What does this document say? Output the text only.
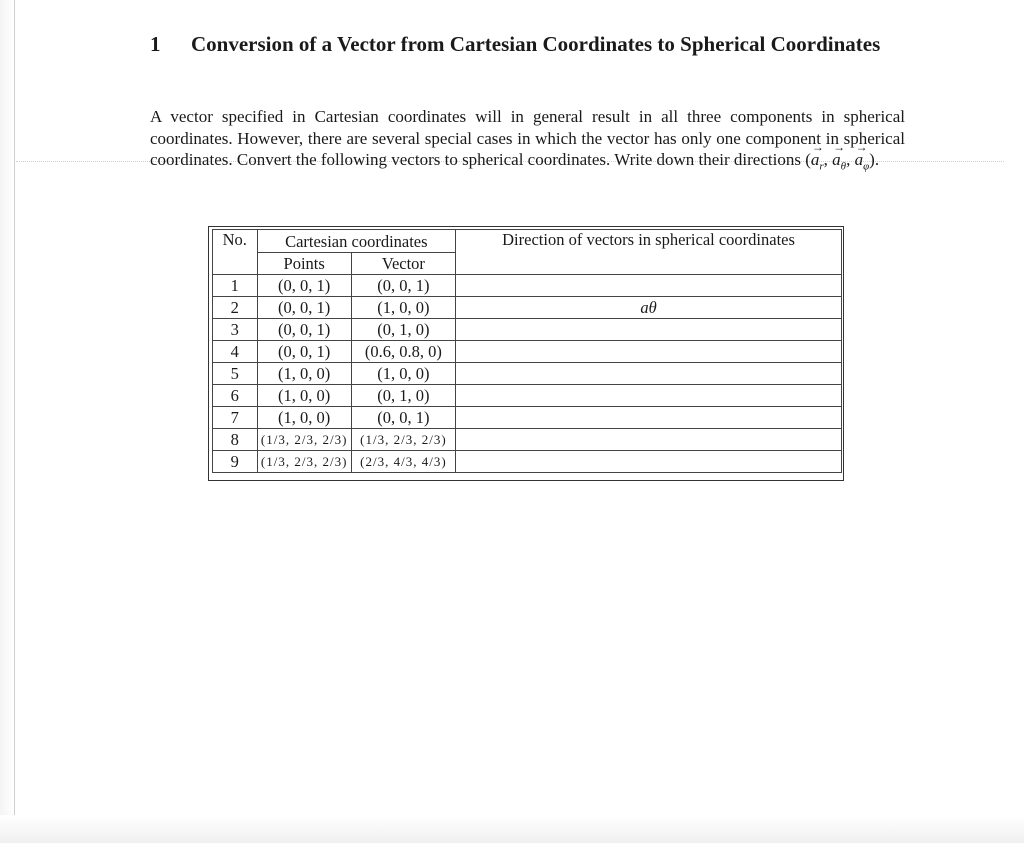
1 Conversion of a Vector from Cartesian Coordinates to Spherical Coordinates
A vector specified in Cartesian coordinates will in general result in all three components in spherical coordinates. However, there are several special cases in which the vector has only one component in spherical coordinates. Convert the following vectors to spherical coordinates. Write down their directions (→ $a_r$, → $a_\theta$, → $a_\varphi$).
No.	Cartesian coordinates		Direction of vectors in spherical coordinates
	Points	Vector	
1	(0, 0, 1)	(0, 0, 1)	
2	(0, 0, 1)	(1, 0, 0)	aθ
3	(0, 0, 1)	(0, 1, 0)	
4	(0, 0, 1)	(0.6, 0.8, 0)	
5	(1, 0, 0)	(1, 0, 0)	
6	(1, 0, 0)	(0, 1, 0)	
7	(1, 0, 0)	(0, 0, 1)	
8	(1/3, 2/3, 2/3)	(1/3, 2/3, 2/3)	
9	(1/3, 2/3, 2/3)	(2/3, 4/3, 4/3)	
